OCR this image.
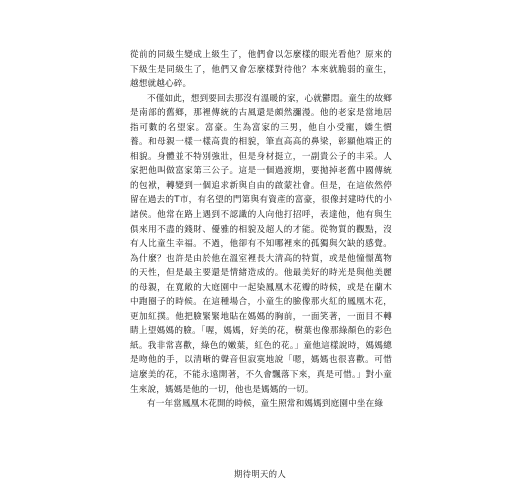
從前的同級生變成上級生了，他們會以怎麼樣的眼光看他？原來的下級生是同級生了，他們又會怎麼樣對待他？本來就脆弱的童生，越想就越心碎。

不僅如此，想到要回去那沒有溫暖的家，心就鬱悶。童生的故鄉是南部的舊鄉，那裡傳統的古風還是頗然瀰漫。他的老家是當地居指可數的名望家。富豪。生為富家的三男，他自小受寵，嬌生慣養。和母親一樣一樣高貴的相貌，筆直高高的鼻梁，彰顯他端正的相貌。身體並不特別強壯，但是身材挺立，一副貴公子的丰采。人家把他叫做富家第三公子。這是一個過渡期，要拋掉老舊中國傳統的包袱，轉變到一個追求新與自由的啟蒙社會。但是，在這依然停留在過去的T市，有名望的門第與有資產的富豪，很像封建時代的小諸侯。他常在路上遇到不認識的人向他打招呼，表達他，他有與生俱來用不盡的錢財、優雅的相貌及超人的才能。從物質的觀點，沒有人比童生幸福。不過，他卻有不知哪裡來的孤獨與欠缺的感覺。為什麼？也許是由於他在溫室裡長大清高的特質，或是他憧憬萬物的天性，但是最主要還是情緒造成的。他最美好的時光是與他美麗的母親，在寬敞的大庭園中一起染鳳凰木花瓣的時候，或是在蘭木中跑圈子的時候。在這種場合，小童生的臉像那火紅的鳳凰木花，更加紅撲。他把臉緊緊地貼在媽媽的胸前，一面笑著，一面目不轉睛上望媽媽的臉。「喔，媽媽，好美的花，樹葉也像那綠顏色的彩色紙。我非常喜歡，綠色的嫩葉，紅色的花。」童他這樣說時，媽媽總是吻他的手，以清晰的聲音但寂寞地說「嗯，媽媽也很喜歡。可惜這麼美的花，不能永遠開著，不久會飄落下來，真是可惜。」對小童生來說，媽媽是他的一切，他也是媽媽的一切。

有一年當鳳凰木花開的時候，童生照常和媽媽到庭園中坐在綠

期待明天的人
